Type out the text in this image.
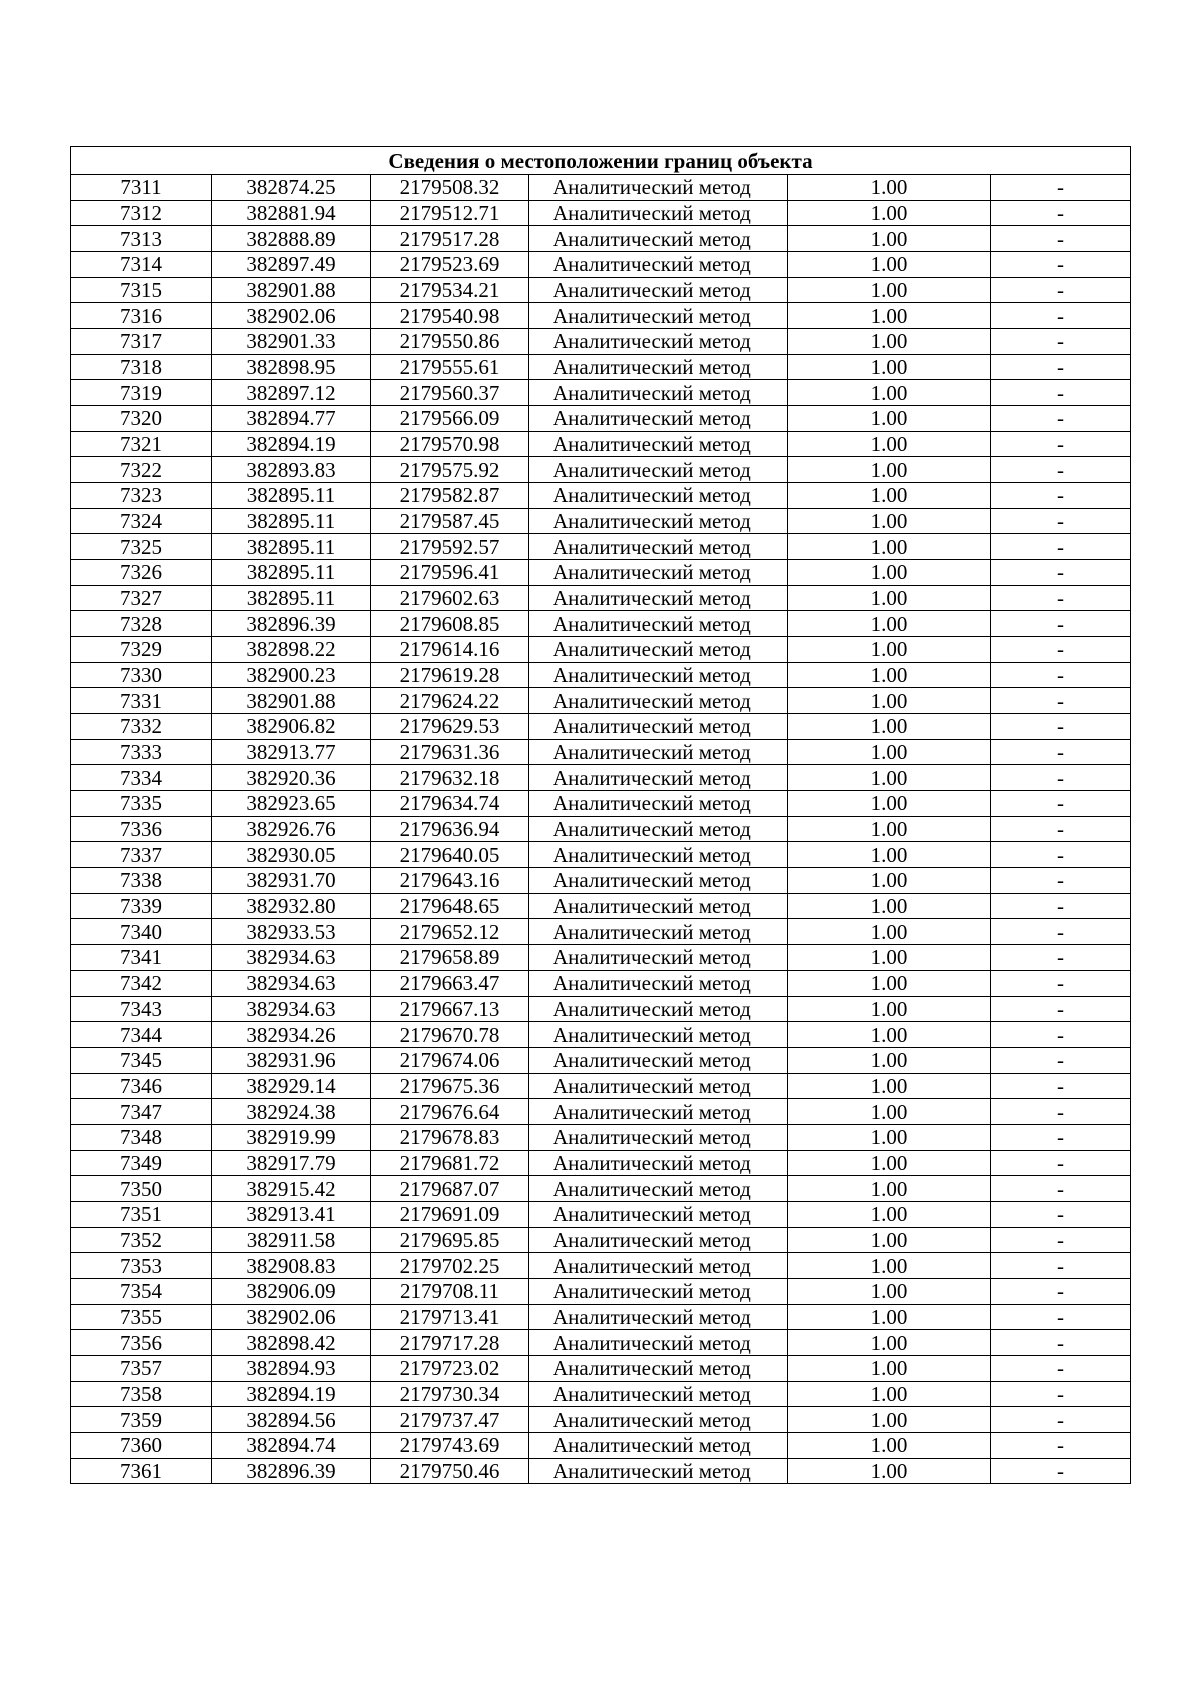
Сведения о местоположении границ объекта					
7311	382874.25	2179508.32	Аналитический метод	1.00	-
7312	382881.94	2179512.71	Аналитический метод	1.00	-
7313	382888.89	2179517.28	Аналитический метод	1.00	-
7314	382897.49	2179523.69	Аналитический метод	1.00	-
7315	382901.88	2179534.21	Аналитический метод	1.00	-
7316	382902.06	2179540.98	Аналитический метод	1.00	-
7317	382901.33	2179550.86	Аналитический метод	1.00	-
7318	382898.95	2179555.61	Аналитический метод	1.00	-
7319	382897.12	2179560.37	Аналитический метод	1.00	-
7320	382894.77	2179566.09	Аналитический метод	1.00	-
7321	382894.19	2179570.98	Аналитический метод	1.00	-
7322	382893.83	2179575.92	Аналитический метод	1.00	-
7323	382895.11	2179582.87	Аналитический метод	1.00	-
7324	382895.11	2179587.45	Аналитический метод	1.00	-
7325	382895.11	2179592.57	Аналитический метод	1.00	-
7326	382895.11	2179596.41	Аналитический метод	1.00	-
7327	382895.11	2179602.63	Аналитический метод	1.00	-
7328	382896.39	2179608.85	Аналитический метод	1.00	-
7329	382898.22	2179614.16	Аналитический метод	1.00	-
7330	382900.23	2179619.28	Аналитический метод	1.00	-
7331	382901.88	2179624.22	Аналитический метод	1.00	-
7332	382906.82	2179629.53	Аналитический метод	1.00	-
7333	382913.77	2179631.36	Аналитический метод	1.00	-
7334	382920.36	2179632.18	Аналитический метод	1.00	-
7335	382923.65	2179634.74	Аналитический метод	1.00	-
7336	382926.76	2179636.94	Аналитический метод	1.00	-
7337	382930.05	2179640.05	Аналитический метод	1.00	-
7338	382931.70	2179643.16	Аналитический метод	1.00	-
7339	382932.80	2179648.65	Аналитический метод	1.00	-
7340	382933.53	2179652.12	Аналитический метод	1.00	-
7341	382934.63	2179658.89	Аналитический метод	1.00	-
7342	382934.63	2179663.47	Аналитический метод	1.00	-
7343	382934.63	2179667.13	Аналитический метод	1.00	-
7344	382934.26	2179670.78	Аналитический метод	1.00	-
7345	382931.96	2179674.06	Аналитический метод	1.00	-
7346	382929.14	2179675.36	Аналитический метод	1.00	-
7347	382924.38	2179676.64	Аналитический метод	1.00	-
7348	382919.99	2179678.83	Аналитический метод	1.00	-
7349	382917.79	2179681.72	Аналитический метод	1.00	-
7350	382915.42	2179687.07	Аналитический метод	1.00	-
7351	382913.41	2179691.09	Аналитический метод	1.00	-
7352	382911.58	2179695.85	Аналитический метод	1.00	-
7353	382908.83	2179702.25	Аналитический метод	1.00	-
7354	382906.09	2179708.11	Аналитический метод	1.00	-
7355	382902.06	2179713.41	Аналитический метод	1.00	-
7356	382898.42	2179717.28	Аналитический метод	1.00	-
7357	382894.93	2179723.02	Аналитический метод	1.00	-
7358	382894.19	2179730.34	Аналитический метод	1.00	-
7359	382894.56	2179737.47	Аналитический метод	1.00	-
7360	382894.74	2179743.69	Аналитический метод	1.00	-
7361	382896.39	2179750.46	Аналитический метод	1.00	-
